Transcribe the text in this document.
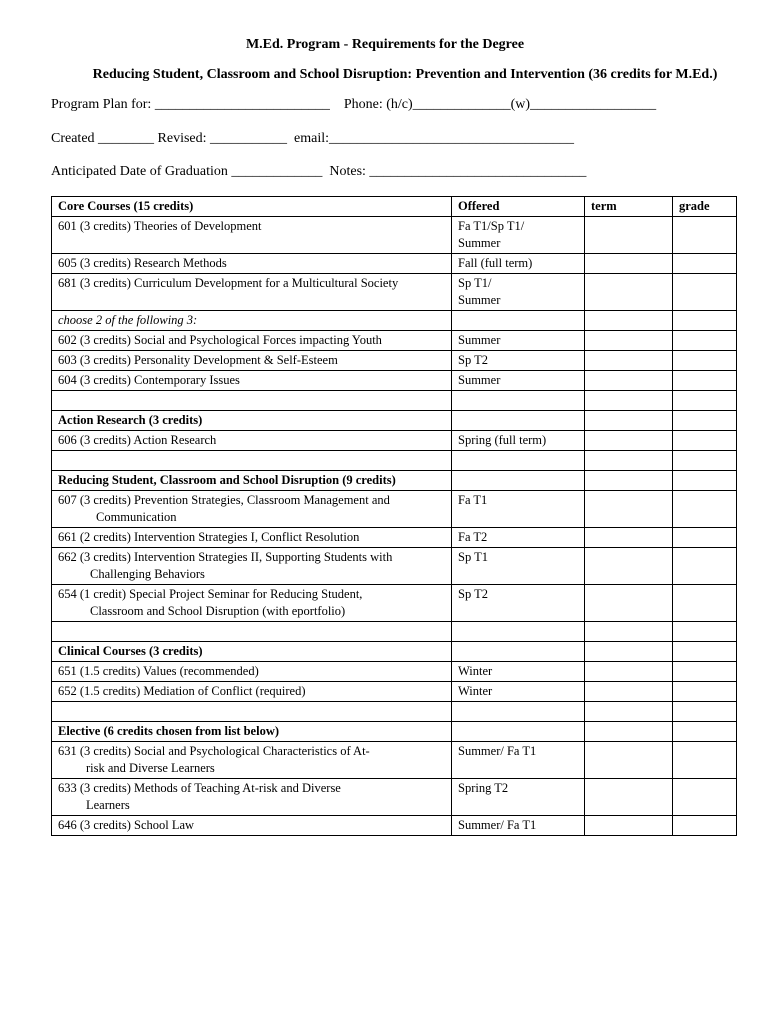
M.Ed. Program - Requirements for the Degree
Reducing Student, Classroom and School Disruption: Prevention and Intervention (36 credits for M.Ed.)
Program Plan for: _________________________    Phone: (h/c)______________(w)__________________
Created ________ Revised: ___________  email:___________________________________
Anticipated Date of Graduation _____________  Notes: _______________________________
Core Courses (15 credits)	Offered	term	grade
601 (3 credits) Theories of Development	Fa T1/Sp T1/
Summer		

605 (3 credits) Research Methods	Fall (full term)		
681 (3 credits) Curriculum Development for a Multicultural Society	Sp T1/
Summer		

choose 2 of the following 3:			
602 (3 credits) Social and Psychological Forces impacting Youth	Summer		
603 (3 credits) Personality Development & Self-Esteem	Sp T2		
604 (3 credits) Contemporary Issues	Summer		

Action Research (3 credits)			
606 (3 credits) Action Research	Spring (full term)		

Reducing Student, Classroom and School Disruption (9 credits)			
607 (3 credits) Prevention Strategies, Classroom Management and
Communication	Fa T1		
661 (2 credits) Intervention Strategies I, Conflict Resolution	Fa T2		
662 (3 credits) Intervention Strategies II, Supporting Students with
Challenging Behaviors	Sp T1		
654 (1 credit) Special Project Seminar for Reducing Student,
Classroom and School Disruption (with eportfolio)	Sp T2		

Clinical Courses (3 credits)			
651 (1.5 credits) Values (recommended)	Winter		
652 (1.5 credits) Mediation of Conflict (required)	Winter		

Elective (6 credits chosen from list below)			
631 (3 credits) Social and Psychological Characteristics of At-
risk and Diverse Learners	Summer/ Fa T1		
633 (3 credits) Methods of Teaching At-risk and Diverse
Learners	Spring T2		
646 (3 credits) School Law	Summer/ Fa T1		
